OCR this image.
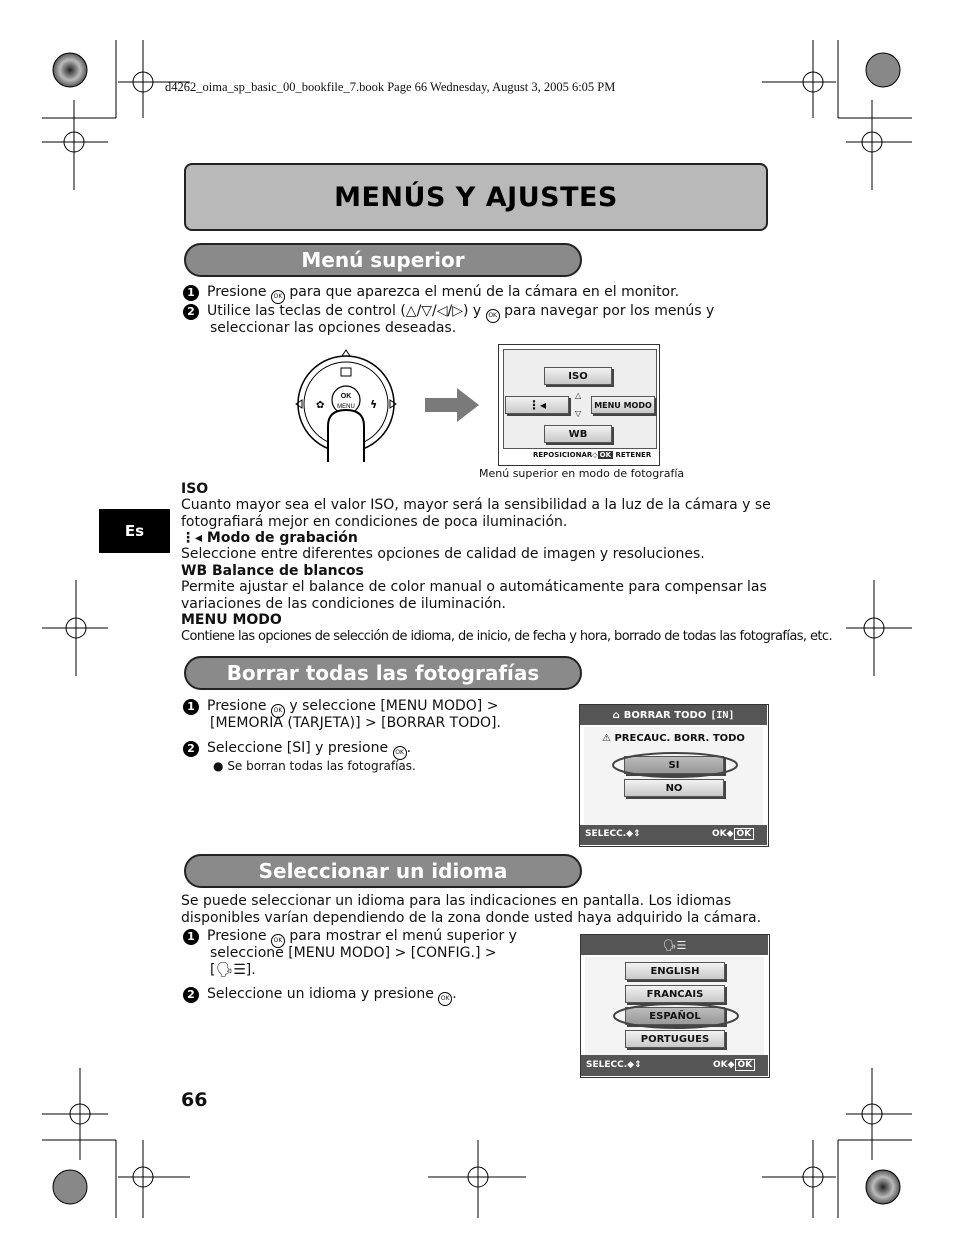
d4262_oima_sp_basic_00_bookfile_7.book Page 66 Wednesday, August 3, 2005 6:05 PM
MENÚS Y AJUSTES
Menú superior
1 Presione OK para que aparezca el menú de la cámara en el monitor.
2 Utilice las teclas de control (△/▽/◁/▷) y OK para navegar por los menús y
seleccionar las opciones deseadas.
OK
MENU
✿	ϟ
ISO
⋮◂
△

▽
MENU MODO
WB
REPOSICIONAR◇ OK RETENER
Menú superior en modo de fotografía
ISO
Cuanto mayor sea el valor ISO, mayor será la sensibilidad a la luz de la cámara y se fotografiará mejor en condiciones de poca iluminación.
⋮◂ Modo de grabación
Seleccione entre diferentes opciones de calidad de imagen y resoluciones.
WB Balance de blancos
Permite ajustar el balance de color manual o automáticamente para compensar las variaciones de las condiciones de iluminación.
MENU MODO
Contiene las opciones de selección de idioma, de inicio, de fecha y hora, borrado de todas las fotografías, etc.
Es
Borrar todas las fotografías
1 Presione OK y seleccione [MENU MODO] >
[MEMORIA (TARJETA)] > [BORRAR TODO].
2 Seleccione [SI] y presione OK .
● Se borran todas las fotografías.
⌂ BORRAR TODO [IN]
⚠ PRECAUC. BORR. TODO
SI
NO
SELECC.◆⇕	OK◆ OK
Seleccionar un idioma
Se puede seleccionar un idioma para las indicaciones en pantalla. Los idiomas disponibles varían dependiendo de la zona donde usted haya adquirido la cámara.
1 Presione OK para mostrar el menú superior y
seleccione [MENU MODO] > [CONFIG.] >
[🗣☰].
2 Seleccione un idioma y presione OK .
🗣☰
ENGLISH
FRANCAIS
ESPAÑOL
PORTUGUES
SELECC.◆⇕	OK◆ OK
66
